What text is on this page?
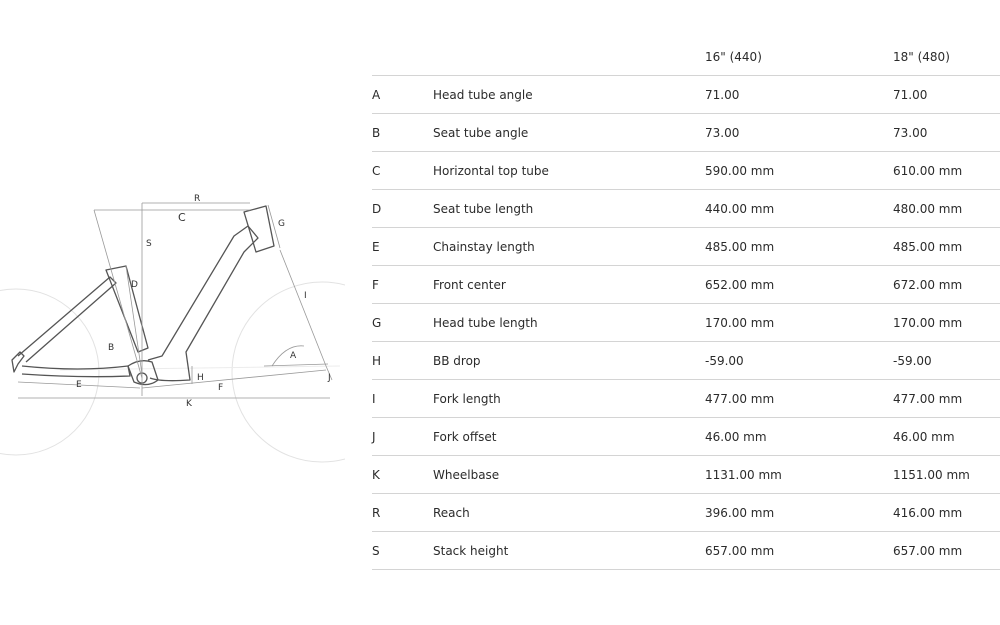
R
C
S
G
D
I
B
A
H	J
E	F
K
		16" (440)	18" (480)
A	Head tube angle	71.00	71.00
B	Seat tube angle	73.00	73.00
C	Horizontal top tube	590.00 mm	610.00 mm
D	Seat tube length	440.00 mm	480.00 mm
E	Chainstay length	485.00 mm	485.00 mm
F	Front center	652.00 mm	672.00 mm
G	Head tube length	170.00 mm	170.00 mm
H	BB drop	-59.00	-59.00
I	Fork length	477.00 mm	477.00 mm
J	Fork offset	46.00 mm	46.00 mm
K	Wheelbase	1131.00 mm	1151.00 mm
R	Reach	396.00 mm	416.00 mm
S	Stack height	657.00 mm	657.00 mm
